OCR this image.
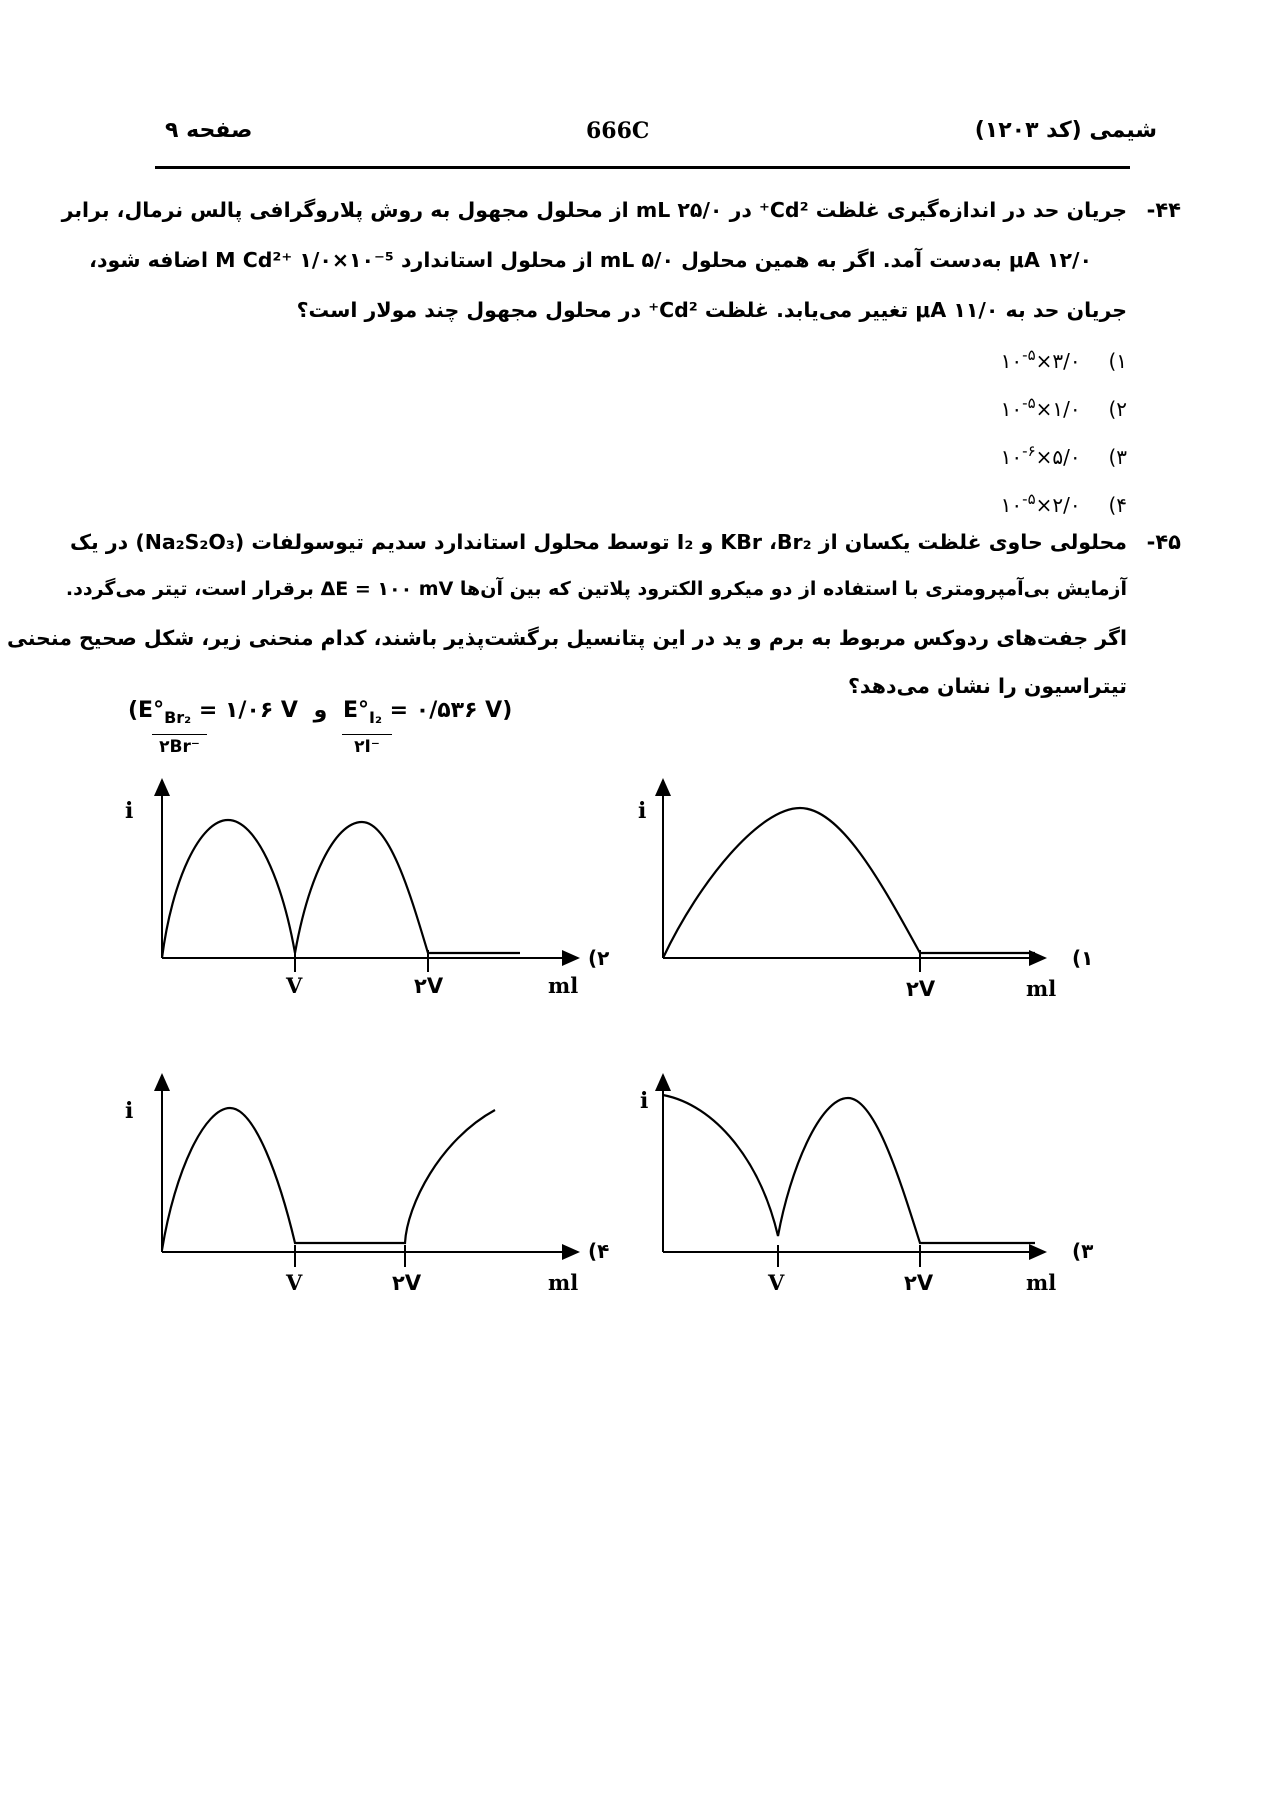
شیمی (کد ۱۲۰۳)
666C
صفحه ۹
۴۴-
جریان حد در اندازه‌گیری غلظت Cd²⁺ در ۲۵/۰ mL از محلول مجهول به روش پلاروگرافی پالس نرمال، برابر
۱۲/۰ μA به‌دست آمد. اگر به همین محلول ۵/۰ mL از محلول استاندارد M Cd²⁺ ۱/۰×۱۰⁻⁵ اضافه شود،
جریان حد به ۱۱/۰ μA تغییر می‌یابد. غلظت Cd²⁺ در محلول مجهول چند مولار است؟
۱) $۳/۰\times ۱۰^{-۵}$
۲) $۱/۰\times ۱۰^{-۵}$
۳) $۵/۰\times ۱۰^{-۶}$
۴) $۲/۰\times ۱۰^{-۵}$
۴۵-
محلولی حاوی غلظت یکسان از KBr ،Br₂ و I₂ توسط محلول استاندارد سدیم تیوسولفات (Na₂S₂O₃) در یک
آزمایش بی‌آمپرومتری با استفاده از دو میکرو الکترود پلاتین که بین آن‌ها ΔE = ۱۰۰ mV برقرار است، تیتر می‌گردد.
اگر جفت‌های ردوکس مربوط به برم و ید در این پتانسیل برگشت‌پذیر باشند، کدام منحنی زیر، شکل صحیح منحنی
تیتراسیون را نشان می‌دهد؟
($E^\circ_{Br_2}$ = ۱/۰۶ V و $E^\circ_{I_2}$ = ۰/۵۳۶ V)
۲Br⁻	۲I⁻
i
V	۲V	ml
(۲
i
۲V	ml
(۱
i
V	۲V	ml
(۴
i
V	۲V	ml
(۳
